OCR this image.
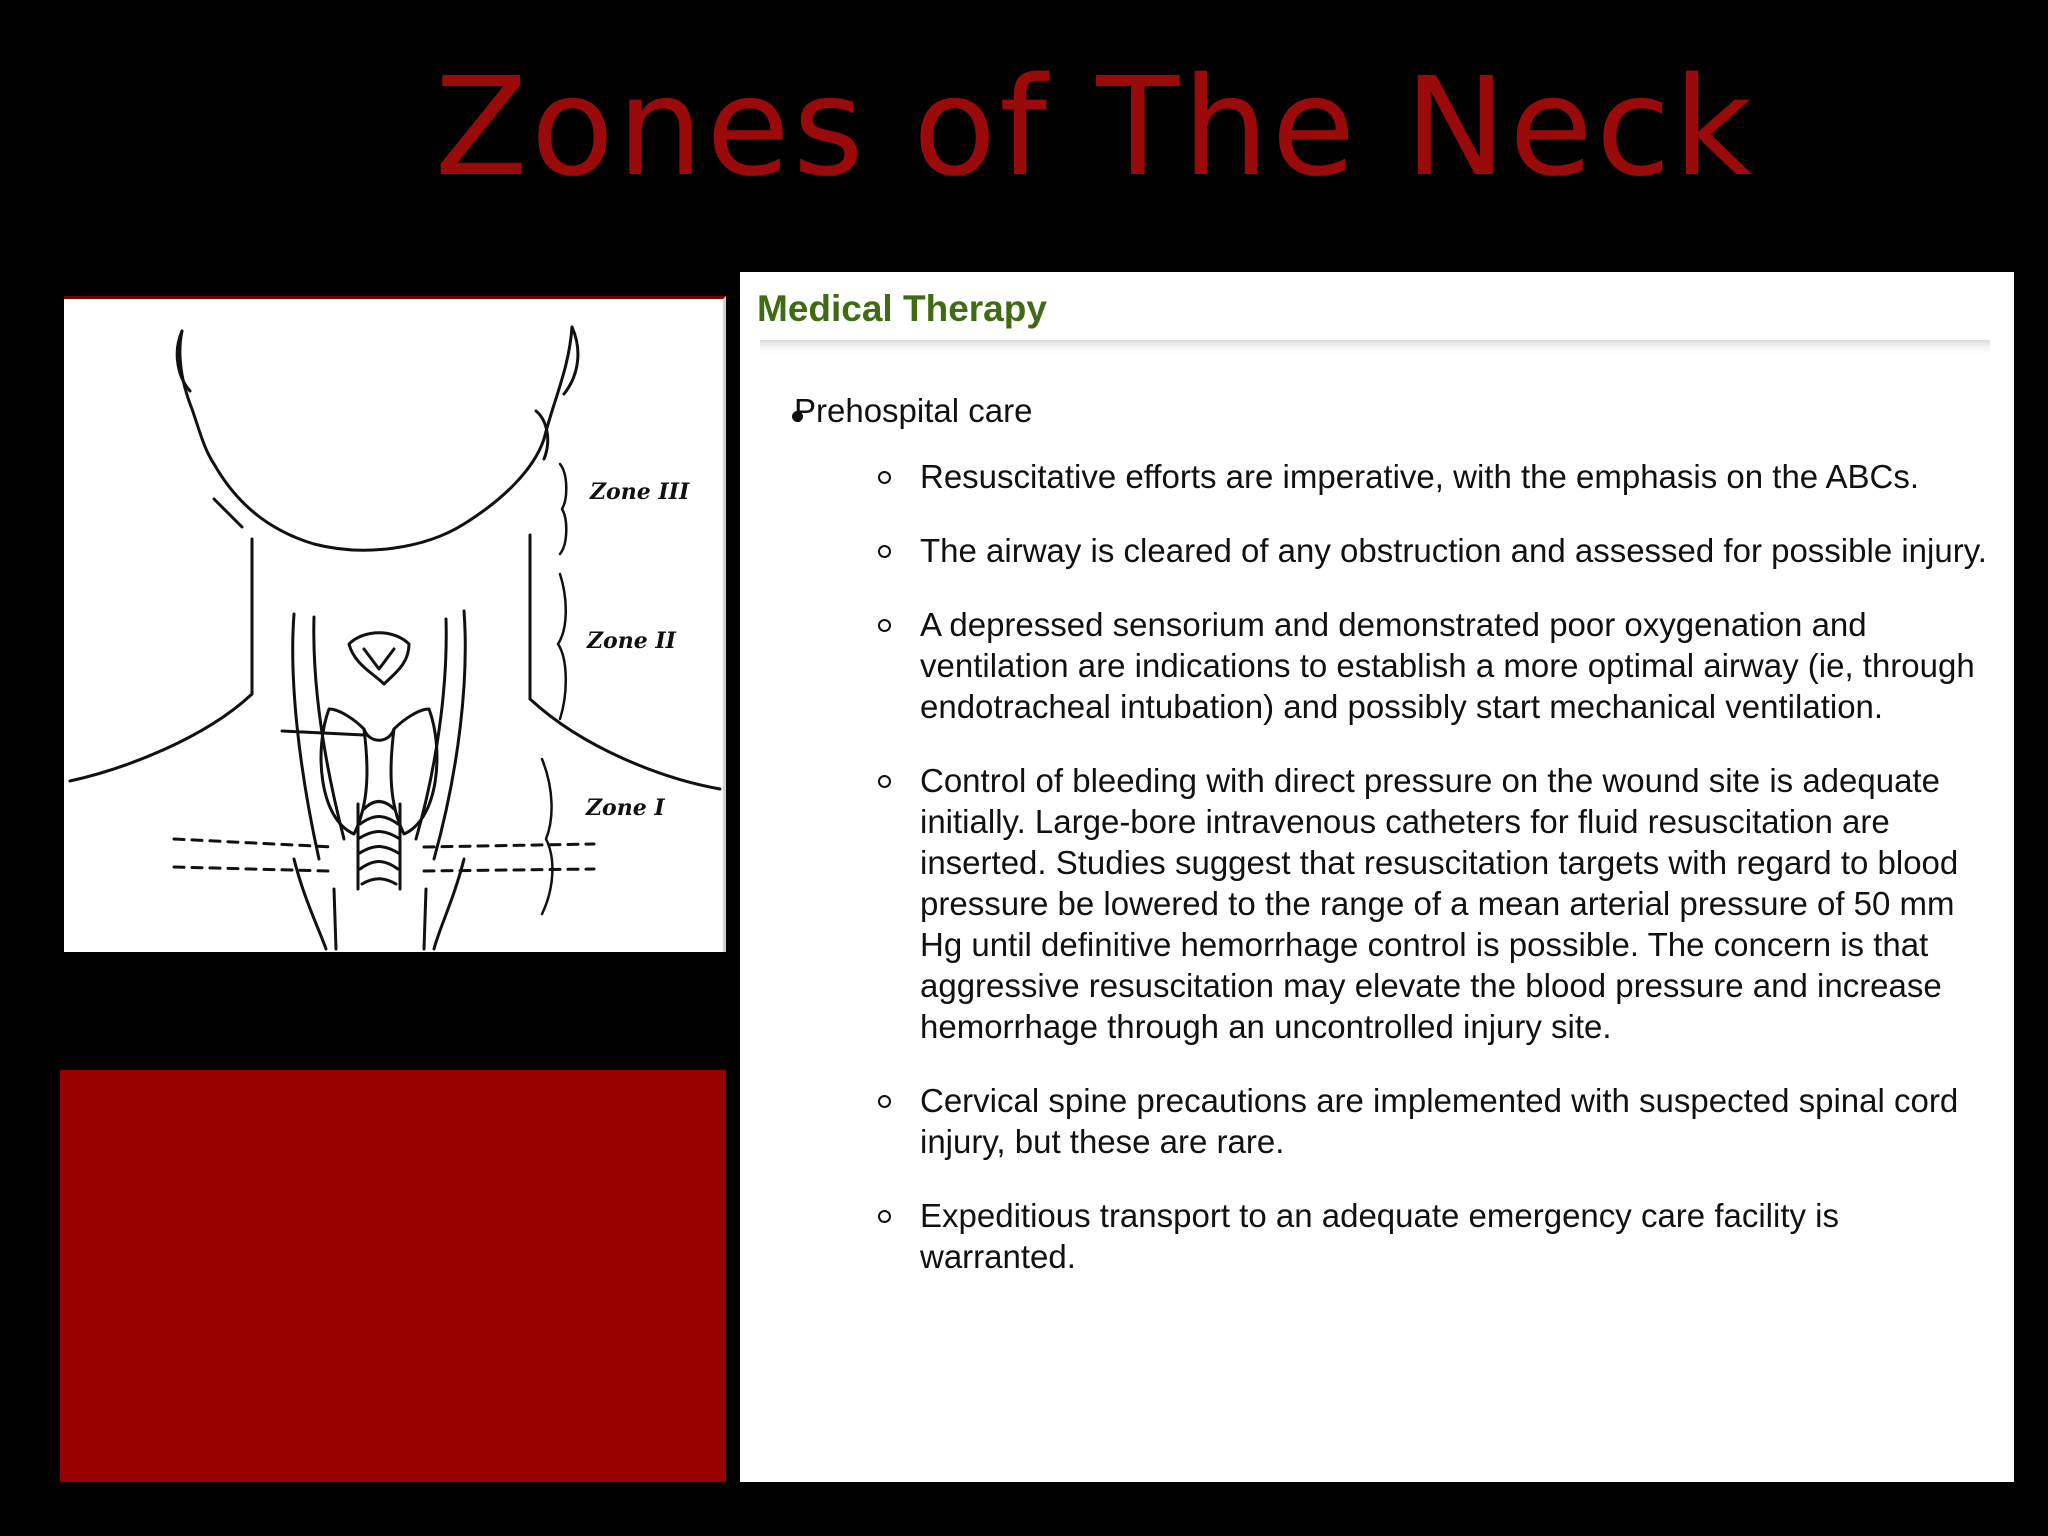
Zones of The Neck
Zone III
Zone II
Zone I
Medical Therapy
Prehospital care
Resuscitative efforts are imperative, with the emphasis on the ABCs.
The airway is cleared of any obstruction and assessed for possible injury.
A depressed sensorium and demonstrated poor oxygenation and ventilation are indications to establish a more optimal airway (ie, through endotracheal intubation) and possibly start mechanical ventilation.
Control of bleeding with direct pressure on the wound site is adequate initially. Large-bore intravenous catheters for fluid resuscitation are inserted. Studies suggest that resuscitation targets with regard to blood pressure be lowered to the range of a mean arterial pressure of 50 mm Hg until definitive hemorrhage control is possible. The concern is that aggressive resuscitation may elevate the blood pressure and increase hemorrhage through an uncontrolled injury site.
Cervical spine precautions are implemented with suspected spinal cord injury, but these are rare.
Expeditious transport to an adequate emergency care facility is warranted.
